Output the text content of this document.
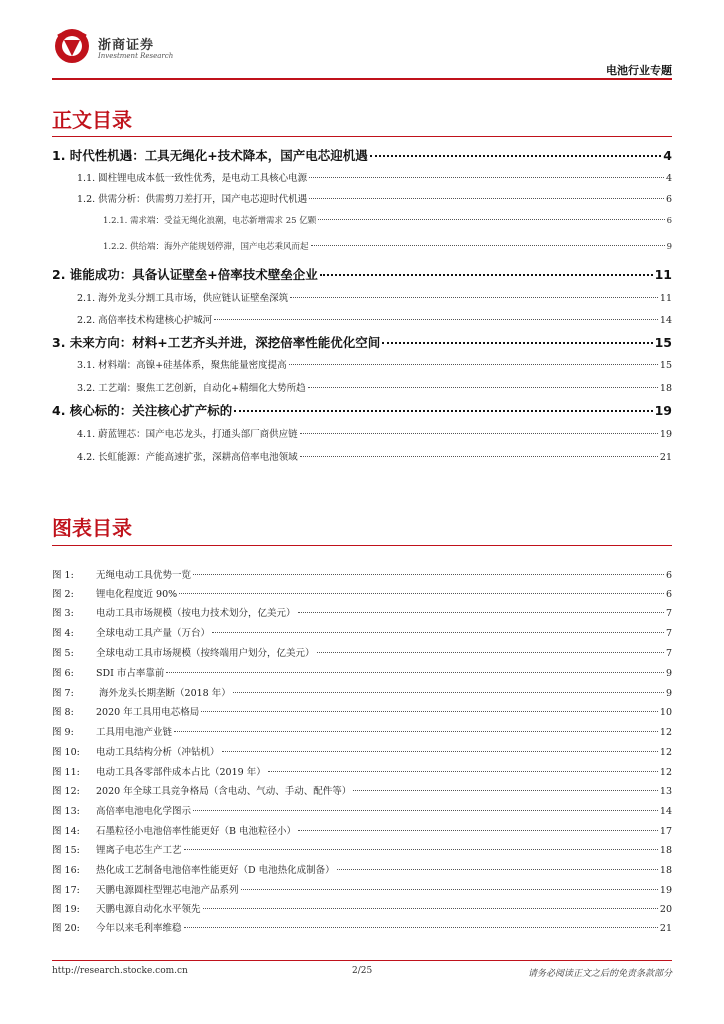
浙商证券
Investment Research
电池行业专题
正文目录
1. 时代性机遇：工具无绳化+技术降本，国产电芯迎机遇	4
1.1. 圆柱锂电成本低一致性优秀，是电动工具核心电源	4
1.2. 供需分析：供需剪刀差打开，国产电芯迎时代机遇	6
1.2.1. 需求端：受益无绳化浪潮，电芯新增需求 25 亿颗	6
1.2.2. 供给端：海外产能规划停滞，国产电芯乘风而起	9
2. 谁能成功：具备认证壁垒+倍率技术壁垒企业	11
2.1. 海外龙头分割工具市场，供应链认证壁垒深筑	11
2.2. 高倍率技术构建核心护城河	14
3. 未来方向：材料+工艺齐头并进，深挖倍率性能优化空间	15
3.1. 材料端：高镍+硅基体系，聚焦能量密度提高	15
3.2. 工艺端：聚焦工艺创新，自动化+精细化大势所趋	18
4. 核心标的：关注核心扩产标的	19
4.1. 蔚蓝锂芯：国产电芯龙头，打通头部厂商供应链	19
4.2. 长虹能源：产能高速扩张，深耕高倍率电池领域	21
图表目录
图 1: 无绳电动工具优势一览	6
图 2: 锂电化程度近 90%	6
图 3: 电动工具市场规模（按电力技术划分，亿美元）	7
图 4: 全球电动工具产量（万台）	7
图 5: 全球电动工具市场规模（按终端用户划分，亿美元）	7
图 6: SDI 市占率靠前	9
图 7: 海外龙头长期垄断（2018 年）	9
图 8: 2020 年工具用电芯格局	10
图 9: 工具用电池产业链	12
图 10: 电动工具结构分析（冲钻机）	12
图 11: 电动工具各零部件成本占比（2019 年）	12
图 12: 2020 年全球工具竞争格局（含电动、气动、手动、配件等）	13
图 13: 高倍率电池电化学图示	14
图 14: 石墨粒径小电池倍率性能更好（B 电池粒径小）	17
图 15: 锂离子电芯生产工艺	18
图 16: 热化成工艺制备电池倍率性能更好（D 电池热化成制备）	18
图 17: 天鹏电源圆柱型锂芯电池产品系列	19
图 19: 天鹏电源自动化水平领先	20
图 20: 今年以来毛利率维稳	21
http://research.stocke.com.cn	2/25	请务必阅读正文之后的免责条款部分
